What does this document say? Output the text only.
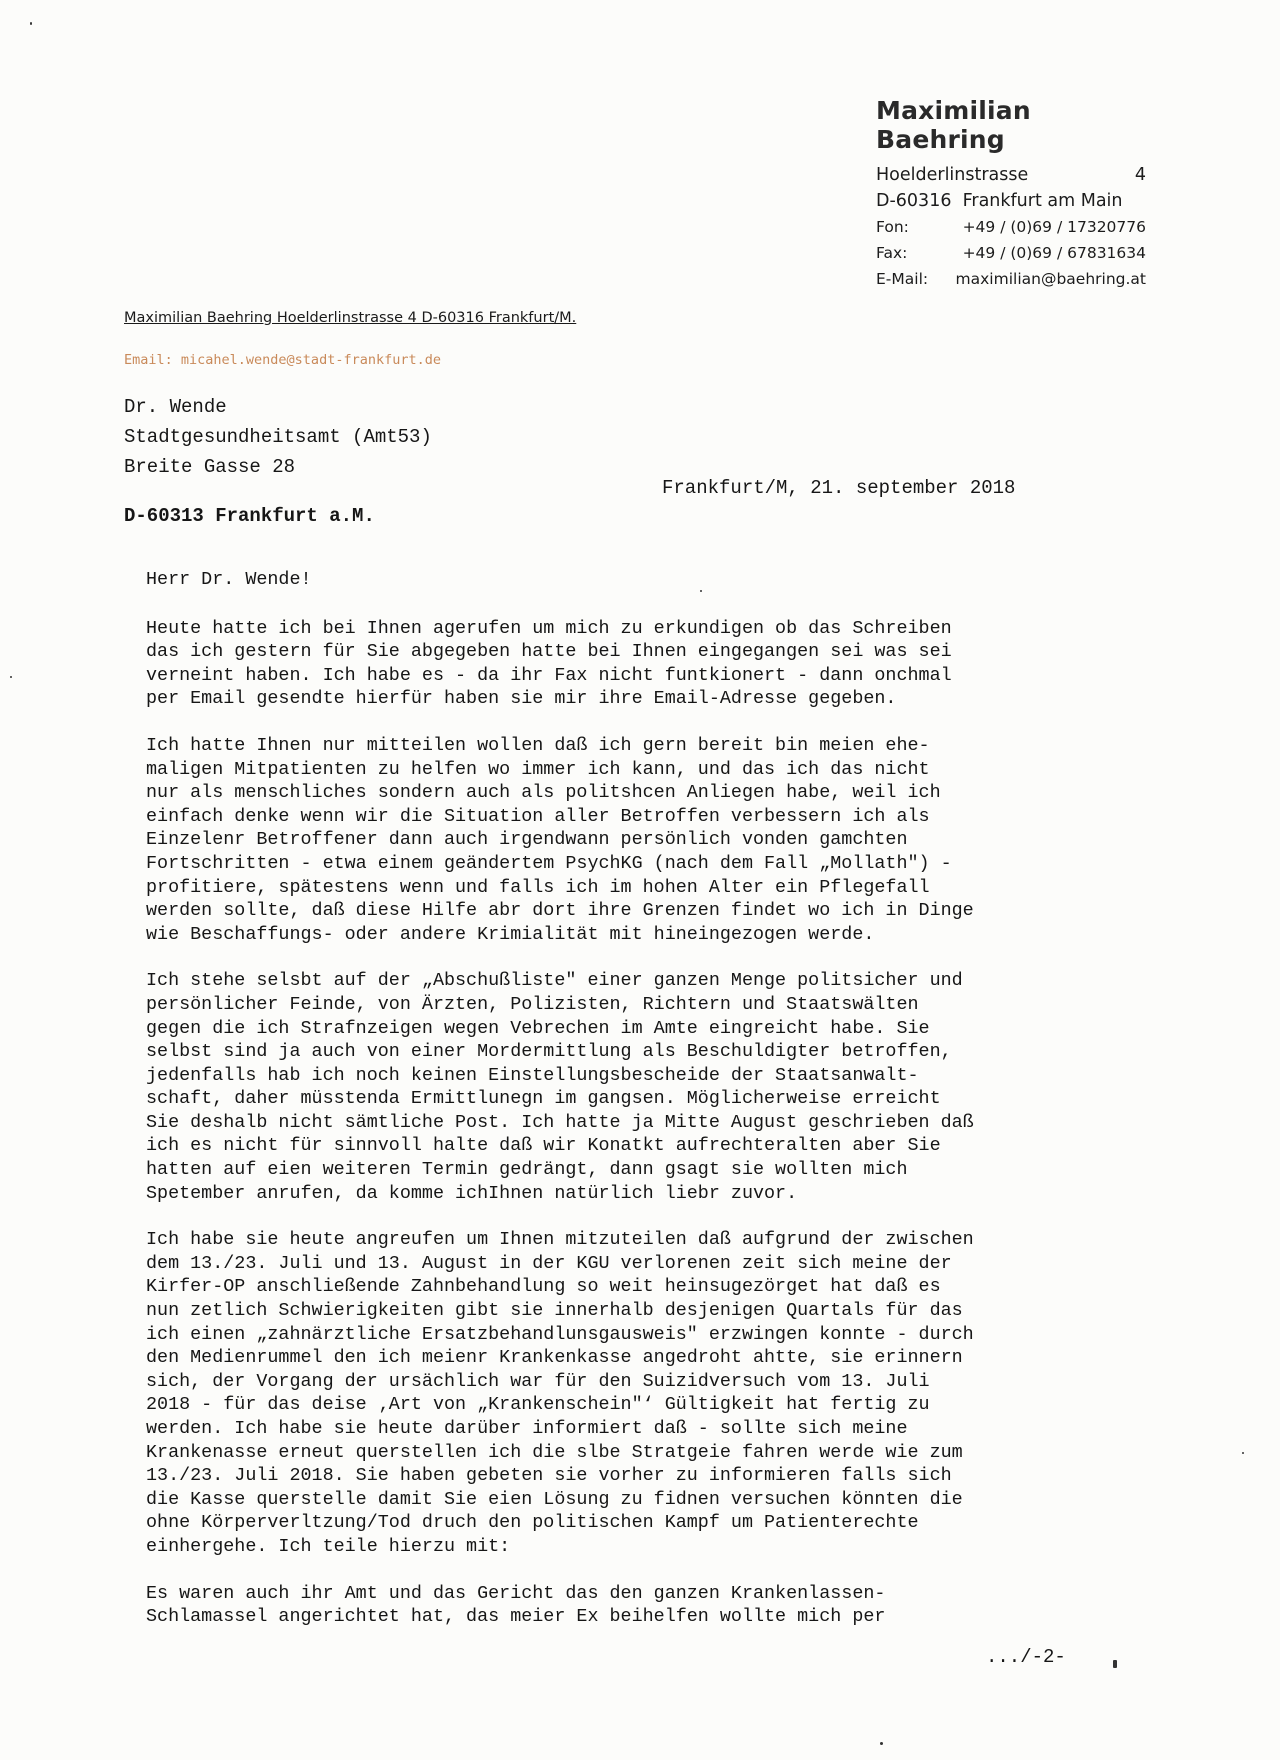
Maximilian Baehring
Hoelderlinstrasse	4
D-60316  Frankfurt am Main
Fon:	+49 / (0)69 / 17320776
Fax:	+49 / (0)69 / 67831634
E-Mail:	maximilian@baehring.at
Maximilian Baehring Hoelderlinstrasse 4 D-60316 Frankfurt/M.
Email: micahel.wende@stadt-frankfurt.de
Dr. Wende
Stadtgesundheitsamt (Amt53)
Breite Gasse 28
Frankfurt/M, 21. september 2018
D-60313 Frankfurt a.M.

Herr Dr. Wende!

Heute hatte ich bei Ihnen agerufen um mich zu erkundigen ob das Schreiben
das ich gestern für Sie abgegeben hatte bei Ihnen eingegangen sei was sei
verneint haben. Ich habe es - da ihr Fax nicht funtkionert - dann onchmal
per Email gesendte hierfür haben sie mir ihre Email-Adresse gegeben.

Ich hatte Ihnen nur mitteilen wollen daß ich gern bereit bin meien ehe-
maligen Mitpatienten zu helfen wo immer ich kann, und das ich das nicht
nur als menschliches sondern auch als politshcen Anliegen habe, weil ich
einfach denke wenn wir die Situation aller Betroffen verbessern ich als
Einzelenr Betroffener dann auch irgendwann persönlich vonden gamchten
Fortschritten - etwa einem geändertem PsychKG (nach dem Fall „Mollath") -
profitiere, spätestens wenn und falls ich im hohen Alter ein Pflegefall
werden sollte, daß diese Hilfe abr dort ihre Grenzen findet wo ich in Dinge
wie Beschaffungs- oder andere Krimialität mit hineingezogen werde.

Ich stehe selsbt auf der „Abschußliste" einer ganzen Menge politsicher und
persönlicher Feinde, von Ärzten, Polizisten, Richtern und Staatswälten
gegen die ich Strafnzeigen wegen Vebrechen im Amte eingreicht habe. Sie
selbst sind ja auch von einer Mordermittlung als Beschuldigter betroffen,
jedenfalls hab ich noch keinen Einstellungsbescheide der Staatsanwalt-
schaft, daher müsstenda Ermittlunegn im gangsen. Möglicherweise erreicht
Sie deshalb nicht sämtliche Post. Ich hatte ja Mitte August geschrieben daß
ich es nicht für sinnvoll halte daß wir Konatkt aufrechteralten aber Sie
hatten auf eien weiteren Termin gedrängt, dann gsagt sie wollten mich
Spetember anrufen, da komme ichIhnen natürlich liebr zuvor.

Ich habe sie heute angreufen um Ihnen mitzuteilen daß aufgrund der zwischen
dem 13./23. Juli und 13. August in der KGU verlorenen zeit sich meine der
Kirfer-OP anschließende Zahnbehandlung so weit heinsugezörget hat daß es
nun zetlich Schwierigkeiten gibt sie innerhalb desjenigen Quartals für das
ich einen „zahnärztliche Ersatzbehandlunsgausweis" erzwingen konnte - durch
den Medienrummel den ich meienr Krankenkasse angedroht ahtte, sie erinnern
sich, der Vorgang der ursächlich war für den Suizidversuch vom 13. Juli
2018 - für das deise ‚Art von „Krankenschein"‘ Gültigkeit hat fertig zu
werden. Ich habe sie heute darüber informiert daß - sollte sich meine
Krankenasse erneut querstellen ich die slbe Stratgeie fahren werde wie zum
13./23. Juli 2018. Sie haben gebeten sie vorher zu informieren falls sich
die Kasse querstelle damit Sie eien Lösung zu fidnen versuchen könnten die
ohne Körperverltzung/Tod druch den politischen Kampf um Patienterechte
einhergehe. Ich teile hierzu mit:

Es waren auch ihr Amt und das Gericht das den ganzen Krankenlassen-
Schlamassel angerichtet hat, das meier Ex beihelfen wollte mich per

.../-2-
